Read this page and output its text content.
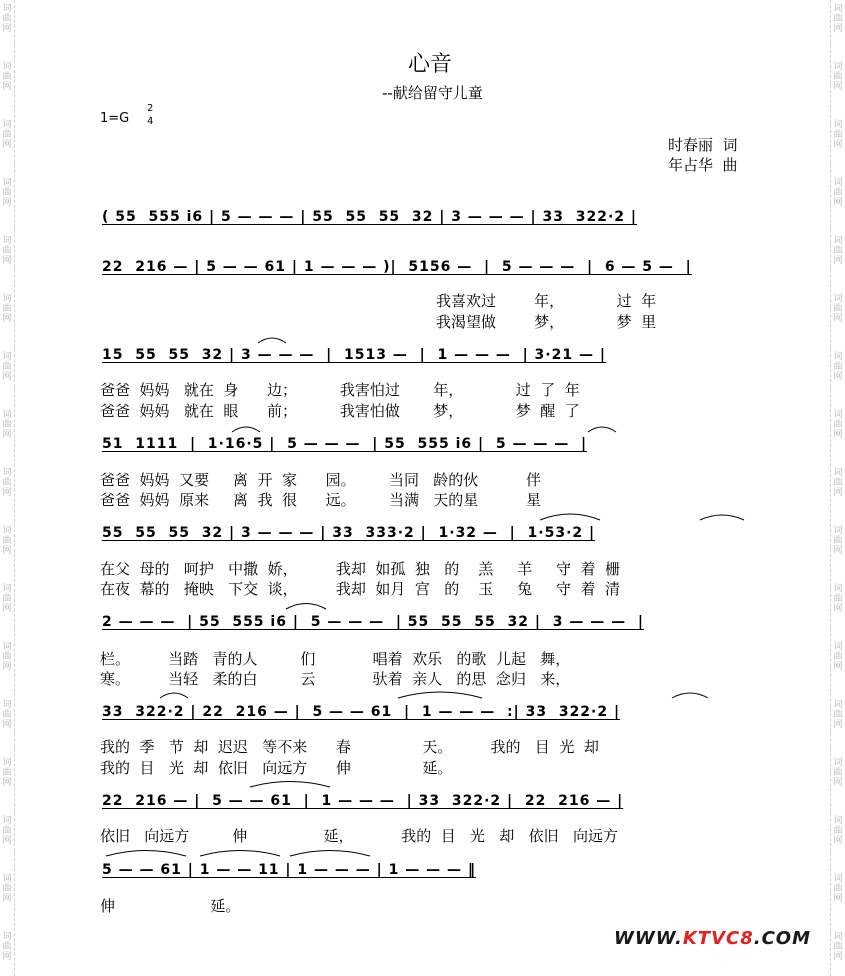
词
曲
网
词
曲
网
词
曲
网
词
曲
网
词
曲
网
词
曲
网
词
曲
网
词
曲
网
词
曲
网
词
曲
网
词
曲
网
词
曲
网
词
曲
网
词
曲
网
词
曲
网
词
曲
网
词
曲
网
词
曲
网
词
曲
网
词
曲
网
词
曲
网
词
曲
网
词
曲
网
词
曲
网
词
曲
网
词
曲
网
词
曲
网
词
曲
网
词
曲
网
词
曲
网
词
曲
网
词
曲
网
词
曲
网
词
曲
网
心音
--献给留守儿童
1=G
2
4
时春丽  词
年占华  曲
( 55  555 i6 | 5 — — — | 55  55  55  32 | 3 — — — | 33  322·2 |
22  216 — | 5 — — 61 | 1 — — — )|  5156 —  |  5 — — —  |  6 — 5 —  |
我喜欢过        年，           过  年
我渴望做        梦，           梦  里
15  55  55  32 | 3 — — —  |  1513 —  |  1 — — —  | 3·21 — |
爸爸  妈妈   就在  身      边；         我害怕过       年，           过  了  年
爸爸  妈妈   就在  眼      前；         我害怕做       梦，           梦  醒  了
51  1111  |  1·16·5 |  5 — — —  | 55  555 i6 |  5 — — —  |
爸爸  妈妈  又要     离  开  家      园。       当同   龄的伙          伴
爸爸  妈妈  原来     离  我  很      远。       当满   天的星          星
55  55  55  32 | 3 — — — | 33  333·2 |  1·32 —  |  1·53·2 |
在父  母的   呵护   中撒  娇，        我却  如孤  独   的    羔     羊     守  着  栅
在夜  幕的   掩映   下交  谈，        我却  如月  宫   的    玉     兔     守  着  清
2 — — —  | 55  555 i6 |  5 — — —  | 55  55  55  32 |  3 — — —  |
栏。        当踏   青的人         们            唱着  欢乐   的歌  儿起   舞，
寒。        当轻   柔的白         云            驮着  亲人   的思  念归   来，
33  322·2 | 22  216 — |  5 — — 61  |  1 — — —  :| 33  322·2 |
我的  季   节  却  迟迟   等不来      春               天。        我的   目  光  却
我的  目   光  却  依旧   向远方      伸               延。
22  216 — |  5 — — 61  |  1 — — —  | 33  322·2 |  22  216 — |
依旧   向远方         伸                延，          我的  目   光   却   依旧   向远方
5 — — 61 | 1 — — 11 | 1 — — — | 1 — — — ‖
伸                    延。
WWW.KTVC8.COM
